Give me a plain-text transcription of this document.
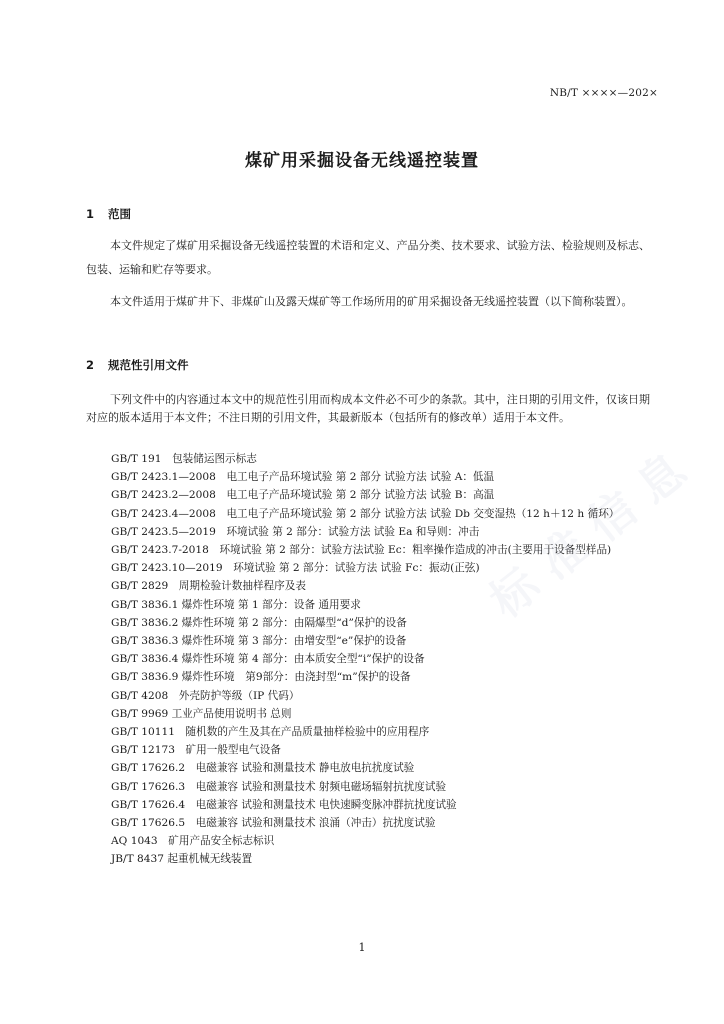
NB/T ××××—202×
煤矿用采掘设备无线遥控装置
1 范围

本文件规定了煤矿用采掘设备无线遥控装置的术语和定义、产品分类、技术要求、试验方法、检验规则及标志、包装、运输和贮存等要求。

本文件适用于煤矿井下、非煤矿山及露天煤矿等工作场所用的矿用采掘设备无线遥控装置（以下简称装置）。

2 规范性引用文件

下列文件中的内容通过本文中的规范性引用而构成本文件必不可少的条款。其中，注日期的引用文件，仅该日期对应的版本适用于本文件；不注日期的引用文件，其最新版本（包括所有的修改单）适用于本文件。

GB/T 191　包装储运图示标志
GB/T 2423.1—2008　电工电子产品环境试验 第 2 部分 试验方法 试验 A：低温
GB/T 2423.2—2008　电工电子产品环境试验 第 2 部分 试验方法 试验 B：高温
GB/T 2423.4—2008　电工电子产品环境试验 第 2 部分 试验方法 试验 Db 交变湿热（12 h＋12 h 循环）
GB/T 2423.5—2019　环境试验 第 2 部分：试验方法 试验 Ea 和导则：冲击
GB/T 2423.7-2018　环境试验 第 2 部分：试验方法试验 Ec：粗率操作造成的冲击(主要用于设备型样品)
GB/T 2423.10—2019　环境试验 第 2 部分：试验方法 试验 Fc：振动(正弦)
GB/T 2829　周期检验计数抽样程序及表
GB/T 3836.1 爆炸性环境 第 1 部分：设备 通用要求
GB/T 3836.2 爆炸性环境 第 2 部分：由隔爆型“d”保护的设备
GB/T 3836.3 爆炸性环境 第 3 部分：由增安型“e”保护的设备
GB/T 3836.4 爆炸性环境 第 4 部分：由本质安全型“i”保护的设备
GB/T 3836.9 爆炸性环境　第9部分：由浇封型“m”保护的设备
GB/T 4208　外壳防护等级（IP 代码）
GB/T 9969 工业产品使用说明书 总则
GB/T 10111　随机数的产生及其在产品质量抽样检验中的应用程序
GB/T 12173　矿用一般型电气设备
GB/T 17626.2　电磁兼容 试验和测量技术 静电放电抗扰度试验
GB/T 17626.3　电磁兼容 试验和测量技术 射频电磁场辐射抗扰度试验
GB/T 17626.4　电磁兼容 试验和测量技术 电快速瞬变脉冲群抗扰度试验
GB/T 17626.5　电磁兼容 试验和测量技术 浪涌（冲击）抗扰度试验
AQ 1043　矿用产品安全标志标识
JB/T 8437 起重机械无线装置
1
标 准 信 息
